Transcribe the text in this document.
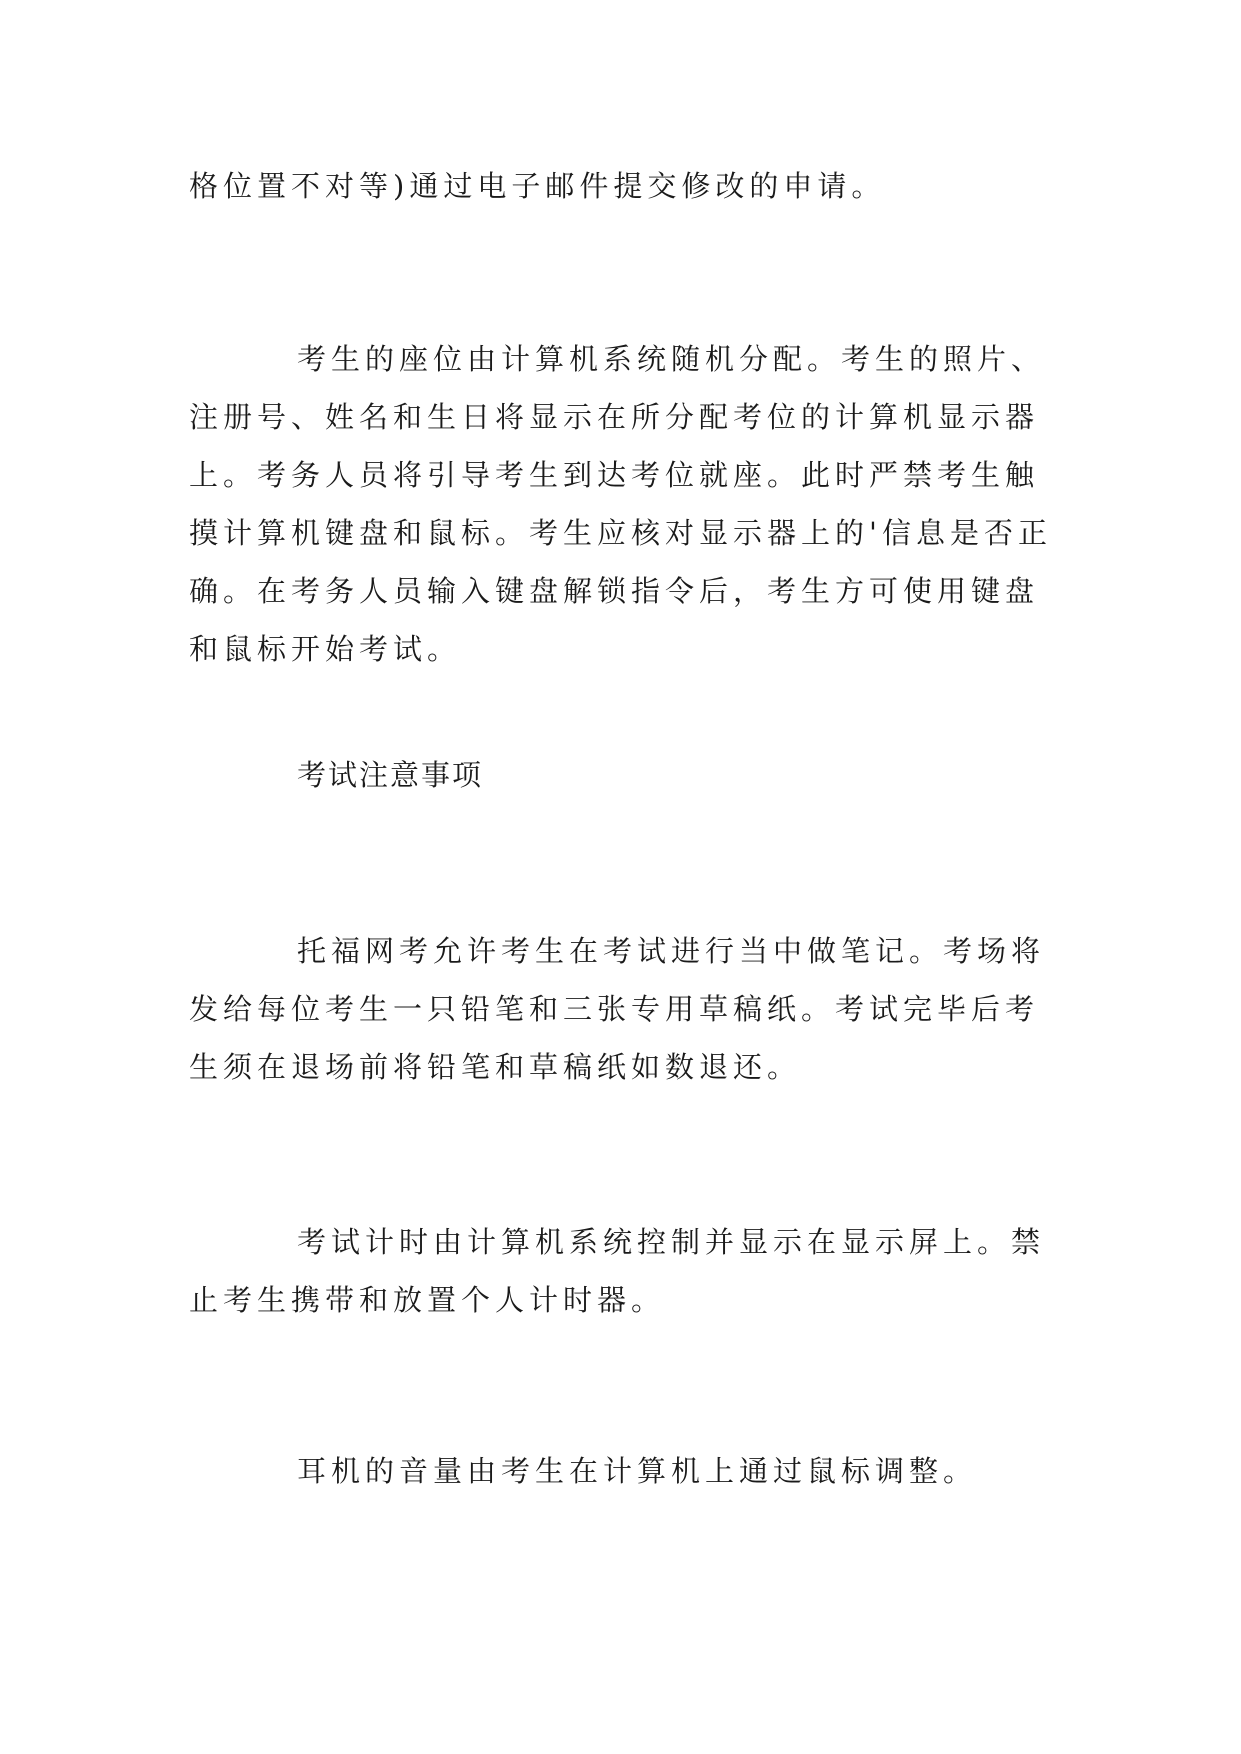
格位置不对等)通过电子邮件提交修改的申请。

考生的座位由计算机系统随机分配。考生的照片、注册号、姓名和生日将显示在所分配考位的计算机显示器上。考务人员将引导考生到达考位就座。此时严禁考生触摸计算机键盘和鼠标。考生应核对显示器上的'信息是否正确。在考务人员输入键盘解锁指令后，考生方可使用键盘和鼠标开始考试。

考试注意事项

托福网考允许考生在考试进行当中做笔记。考场将发给每位考生一只铅笔和三张专用草稿纸。考试完毕后考生须在退场前将铅笔和草稿纸如数退还。

考试计时由计算机系统控制并显示在显示屏上。禁止考生携带和放置个人计时器。

耳机的音量由考生在计算机上通过鼠标调整。
